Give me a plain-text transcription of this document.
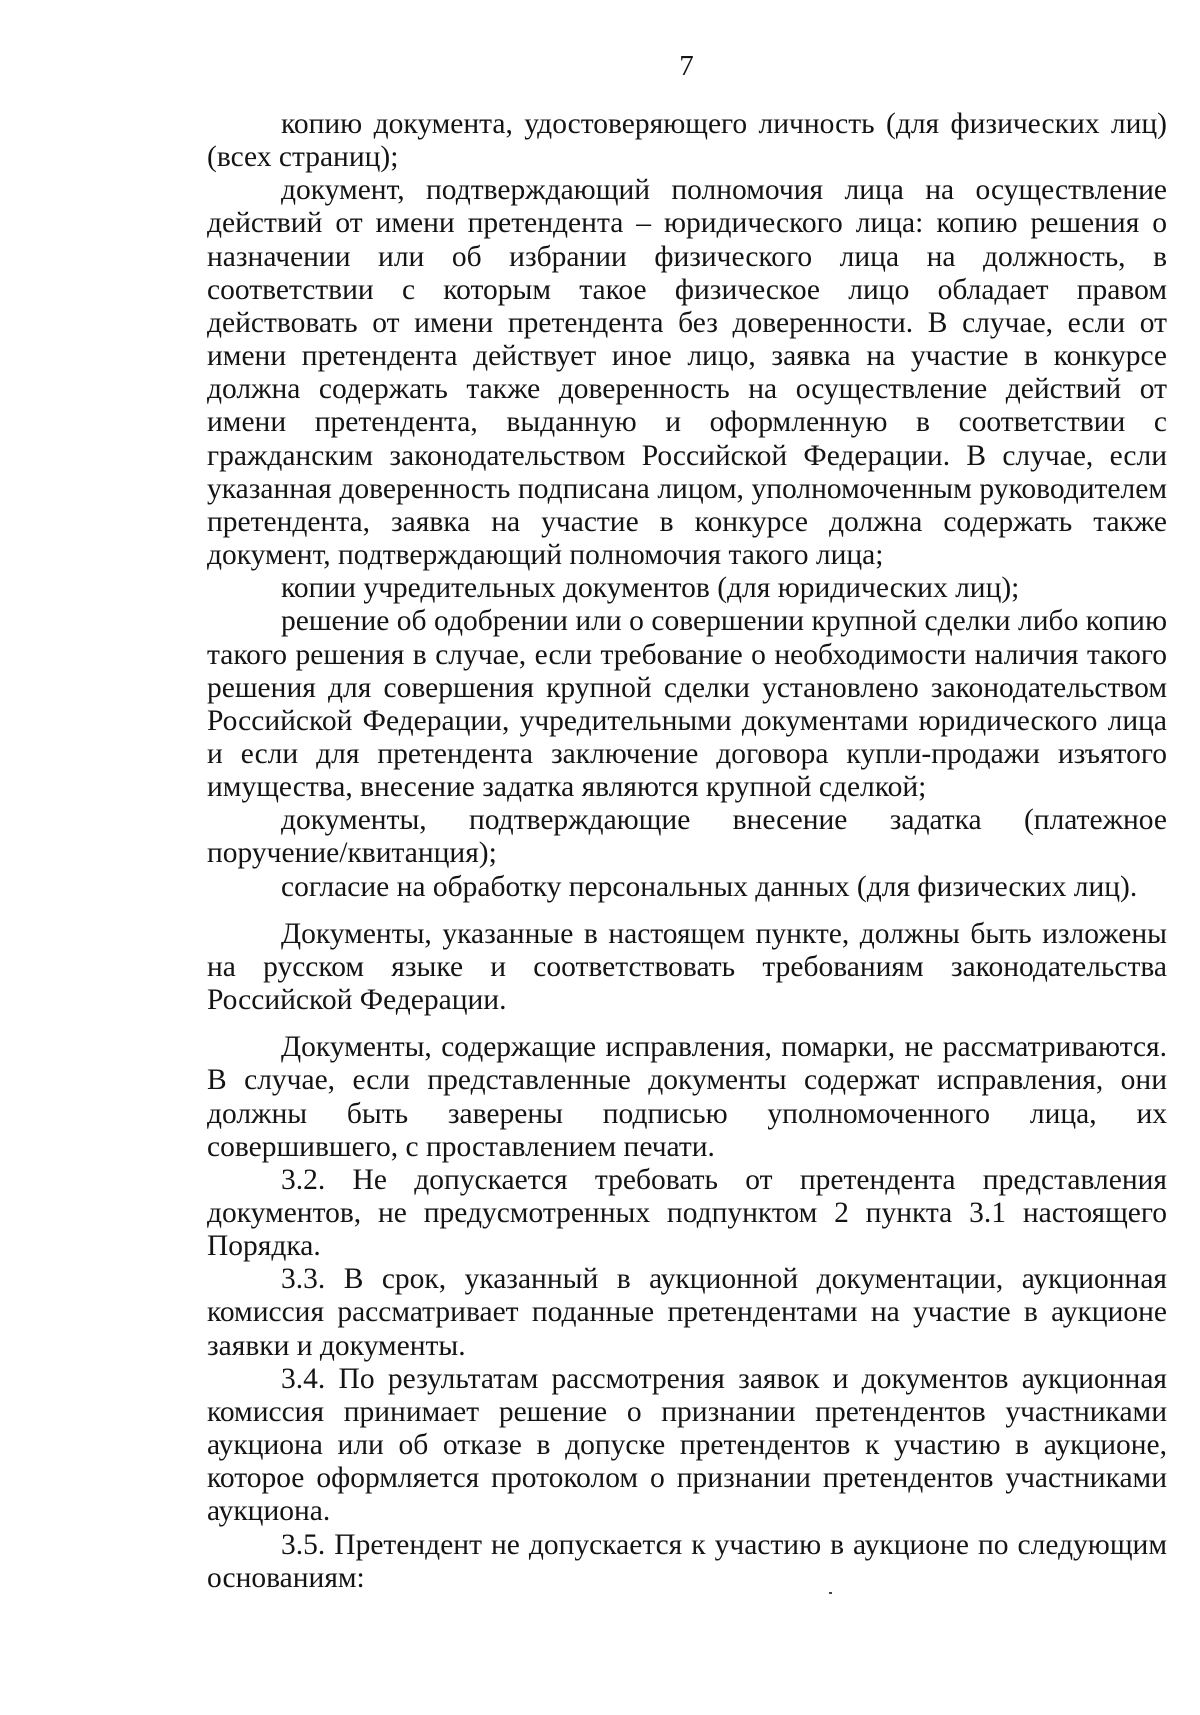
7

копию документа, удостоверяющего личность (для физических лиц) (всех страниц);

документ, подтверждающий полномочия лица на осуществление действий от имени претендента – юридического лица: копию решения о назначении или об избрании физического лица на должность, в соответствии с которым такое физическое лицо обладает правом действовать от имени претендента без доверенности. В случае, если от имени претендента действует иное лицо, заявка на участие в конкурсе должна содержать также доверенность на осуществление действий от имени претендента, выданную и оформленную в соответствии с гражданским законодательством Российской Федерации. В случае, если указанная доверенность подписана лицом, уполномоченным руководителем претендента, заявка на участие в конкурсе должна содержать также документ, подтверждающий полномочия такого лица;

копии учредительных документов (для юридических лиц);

решение об одобрении или о совершении крупной сделки либо копию такого решения в случае, если требование о необходимости наличия такого решения для совершения крупной сделки установлено законодательством Российской Федерации, учредительными документами юридического лица и если для претендента заключение договора купли-продажи изъятого имущества, внесение задатка являются крупной сделкой;

документы, подтверждающие внесение задатка (платежное поручение/квитанция);

согласие на обработку персональных данных (для физических лиц).

Документы, указанные в настоящем пункте, должны быть изложены на русском языке и соответствовать требованиям законодательства Российской Федерации.

Документы, содержащие исправления, помарки, не рассматриваются. В случае, если представленные документы содержат исправления, они должны быть заверены подписью уполномоченного лица, их совершившего, с проставлением печати.

3.2. Не допускается требовать от претендента представления документов, не предусмотренных подпунктом 2 пункта 3.1 настоящего Порядка.

3.3. В срок, указанный в аукционной документации, аукционная комиссия рассматривает поданные претендентами на участие в аукционе заявки и документы.

3.4. По результатам рассмотрения заявок и документов аукционная комиссия принимает решение о признании претендентов участниками аукциона или об отказе в допуске претендентов к участию в аукционе, которое оформляется протоколом о признании претендентов участниками аукциона.

3.5. Претендент не допускается к участию в аукционе по следующим основаниям:
